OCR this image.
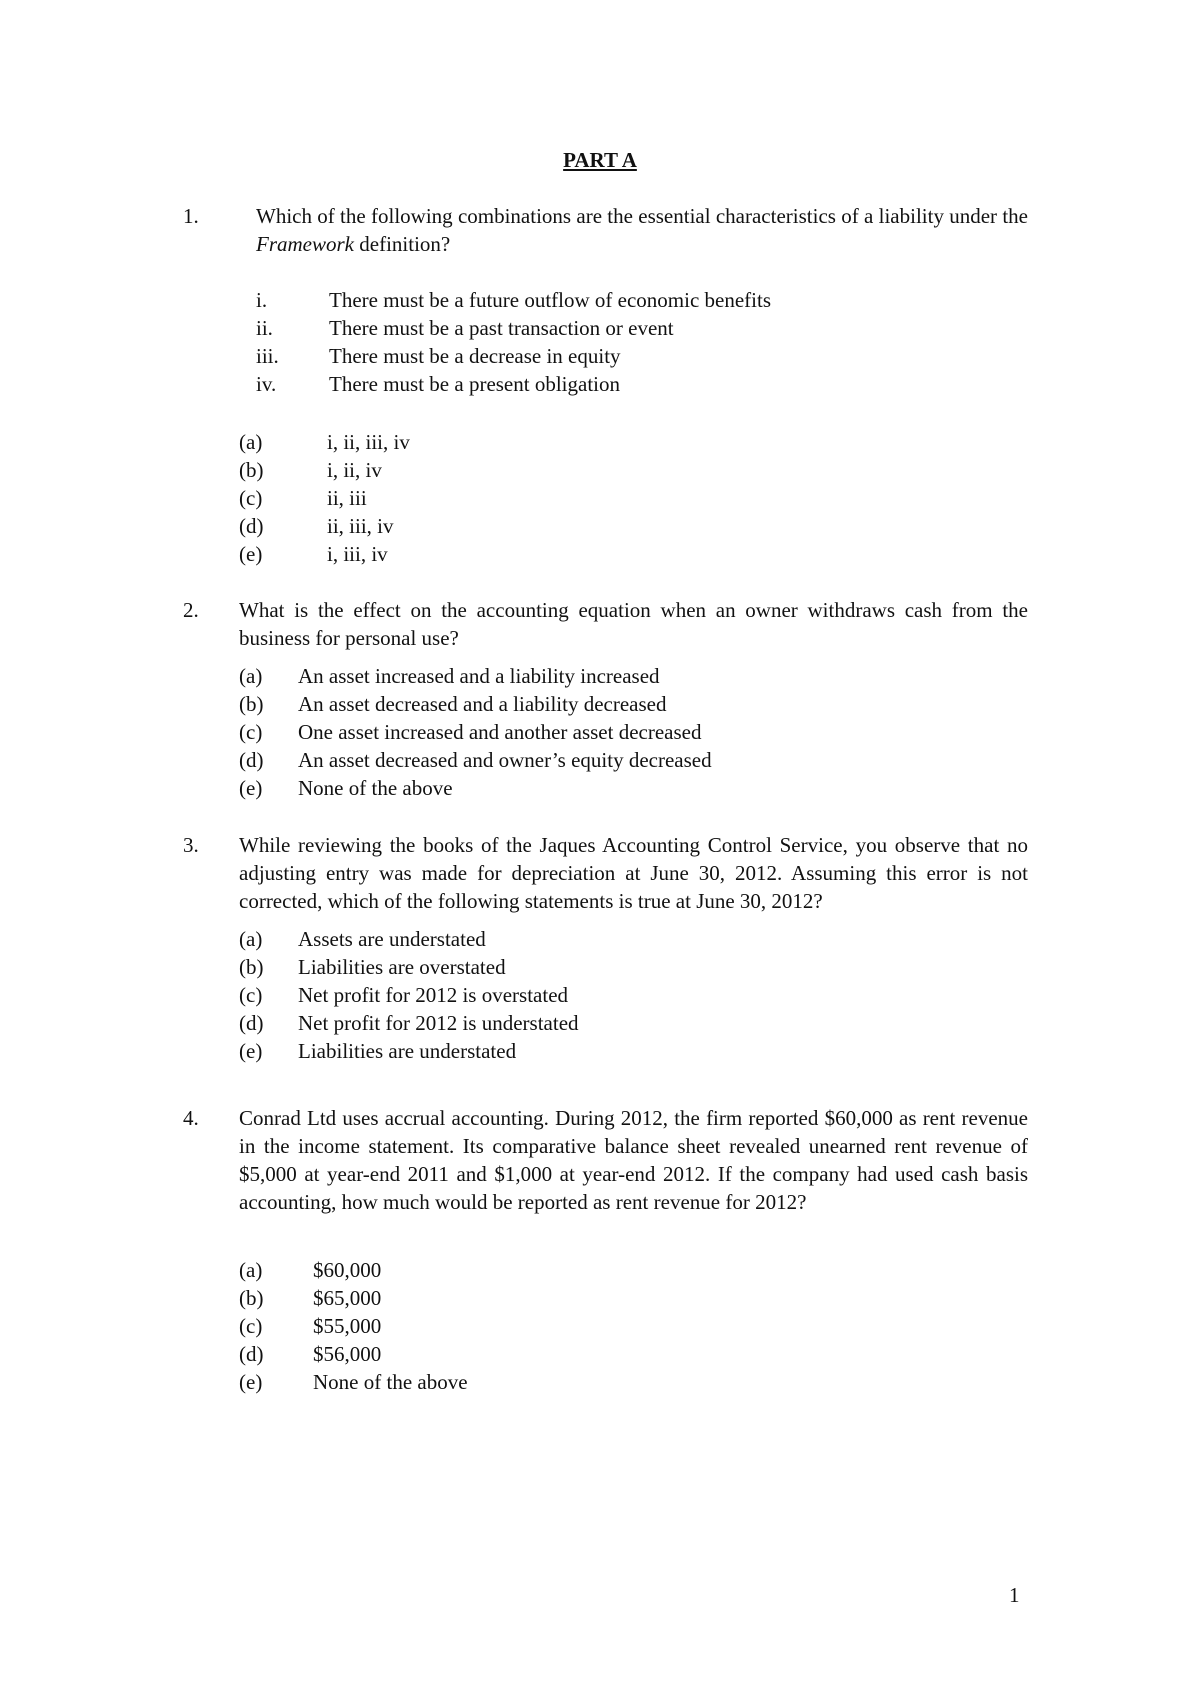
PART A
1.	Which of the following combinations are the essential characteristics of a liability under the Framework definition?
i.	There must be a future outflow of economic benefits
ii.	There must be a past transaction or event
iii. There must be a decrease in equity
iv.	There must be a present obligation
(a)	i, ii, iii, iv
(b)	i, ii, iv
(c)	ii, iii
(d)	ii, iii, iv
(e)	i, iii, iv
2. What is the effect on the accounting equation when an owner withdraws cash from the business for personal use?
(a) An asset increased and a liability increased
(b) An asset decreased and a liability decreased
(c) One asset increased and another asset decreased
(d) An asset decreased and owner’s equity decreased
(e) None of the above
3. While reviewing the books of the Jaques Accounting Control Service, you observe that no adjusting entry was made for depreciation at June 30, 2012. Assuming this error is not corrected, which of the following statements is true at June 30, 2012?
(a) Assets are understated
(b) Liabilities are overstated
(c) Net profit for 2012 is overstated
(d) Net profit for 2012 is understated
(e) Liabilities are understated
4. Conrad Ltd uses accrual accounting. During 2012, the firm reported $60,000 as rent revenue in the income statement. Its comparative balance sheet revealed unearned rent revenue of $5,000 at year-end 2011 and $1,000 at year-end 2012. If the company had used cash basis accounting, how much would be reported as rent revenue for 2012?
(a) $60,000
(b) $65,000
(c) $55,000
(d) $56,000
(e) None of the above
1
